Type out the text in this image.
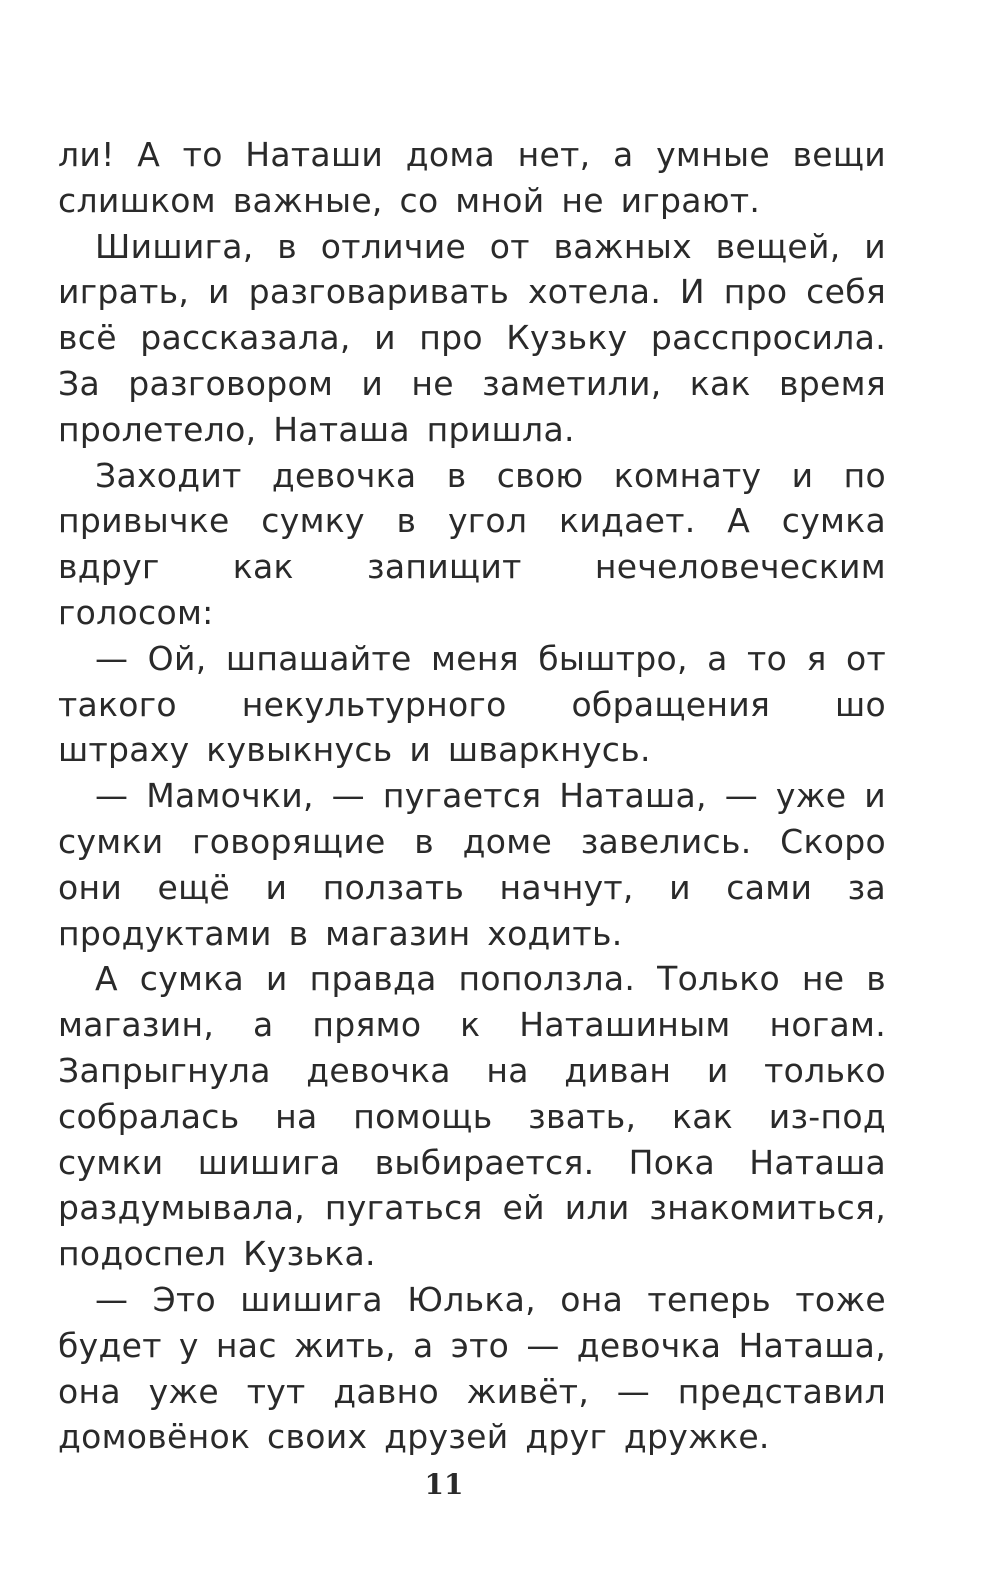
ли! А то Наташи дома нет, а умные вещи слишком важные, со мной не играют.

Шишига, в отличие от важных вещей, и играть, и разговаривать хотела. И про себя всё рассказала, и про Кузьку расспросила. За разговором и не заметили, как время пролетело, Наташа пришла.

Заходит девочка в свою комнату и по привычке сумку в угол кидает. А сумка вдруг как запищит нечеловеческим голосом:

— Ой, шпашайте меня быштро, а то я от такого некультурного обращения шо штраху кувыкнусь и шваркнусь.

— Мамочки, — пугается Наташа, — уже и сумки говорящие в доме завелись. Скоро они ещё и ползать начнут, и сами за продуктами в магазин ходить.

А сумка и правда поползла. Только не в магазин, а прямо к Наташиным ногам. Запрыгнула девочка на диван и только собралась на помощь звать, как из-под сумки шишига выбирается. Пока Наташа раздумывала, пугаться ей или знакомиться, подоспел Кузька.

— Это шишига Юлька, она теперь тоже будет у нас жить, а это — девочка Наташа, она уже тут давно живёт, — представил домовёнок своих друзей друг дружке.

11
